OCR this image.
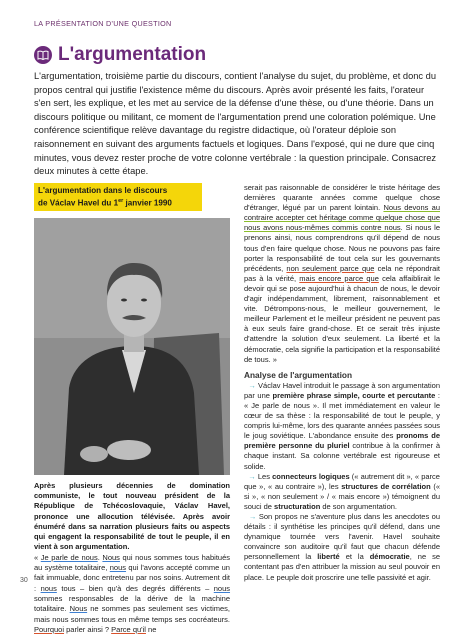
LA PRÉSENTATION D'UNE QUESTION
L'argumentation
L'argumentation, troisième partie du discours, contient l'analyse du sujet, du problème, et donc du propos central qui justifie l'existence même du discours. Après avoir présenté les faits, l'orateur s'en sert, les explique, et les met au service de la défense d'une thèse, ou d'une théorie. Dans un discours politique ou militant, ce moment de l'argumentation prend une coloration polémique. Une conférence scientifique relève davantage du registre didactique, où l'orateur déploie son raisonnement en suivant des arguments factuels et logiques. Dans l'exposé, qui ne dure que cinq minutes, vous devez rester proche de votre colonne vertébrale : la question principale. Consacrez deux minutes à cette étape.
L'argumentation dans le discours
de Václav Havel du 1er janvier 1990
Après plusieurs décennies de domination communiste, le tout nouveau président de la République de Tchécoslovaquie, Václav Havel, prononce une allocution télévisée. Après avoir énuméré dans sa narration plusieurs faits ou aspects qui engagent la responsabilité de tout le peuple, il en vient à son argumentation.
« Je parle de nous. Nous qui nous sommes tous habitués au système totalitaire, nous qui l'avons accepté comme un fait immuable, donc entretenu par nos soins. Autrement dit : nous tous – bien qu'à des degrés différents – nous sommes responsables de la dérive de la machine totalitaire. Nous ne sommes pas seulement ses victimes, mais nous sommes tous en même temps ses cocréateurs. Pourquoi parler ainsi ? Parce qu'il ne

serait pas raisonnable de considérer le triste héritage des dernières quarante années comme quelque chose d'étranger, légué par un parent lointain. Nous devons au contraire accepter cet héritage comme quelque chose que nous avons nous-mêmes commis contre nous. Si nous le prenons ainsi, nous comprendrons qu'il dépend de nous tous d'en faire quelque chose. Nous ne pouvons pas faire porter la responsabilité de tout cela sur les gouvernants précédents, non seulement parce que cela ne répondrait pas à la vérité, mais encore parce que cela affaiblirait le devoir qui se pose aujourd'hui à chacun de nous, le devoir d'agir indépendamment, librement, raisonnablement et vite. Détrompons-nous, le meilleur gouvernement, le meilleur Parlement et le meilleur président ne peuvent pas à eux seuls faire grand-chose. Et ce serait très injuste d'attendre la solution d'eux seulement. La liberté et la démocratie, cela signifie la participation et la responsabilité de tous. »

Analyse de l'argumentation

→ Václav Havel introduit le passage à son argumentation par une première phrase simple, courte et percutante : « Je parle de nous ». Il met immédiatement en valeur le cœur de sa thèse : la responsabilité de tout le peuple, y compris lui-même, lors des quarante années passées sous le joug soviétique. L'abondance ensuite des pronoms de première personne du pluriel contribue à la confirmer à chaque instant. Sa colonne vertébrale est rigoureuse et solide.

→ Les connecteurs logiques (« autrement dit », « parce que », « au contraire »), les structures de corrélation (« si », « non seulement » / « mais encore ») témoignent du souci de structuration de son argumentation.

→ Son propos ne s'aventure plus dans les anecdotes ou détails : il synthétise les principes qu'il défend, dans une dynamique tournée vers l'avenir. Havel souhaite convaincre son auditoire qu'il faut que chacun défende personnellement la liberté et la démocratie, ne se contentant pas d'en attribuer la mission au seul pouvoir en place. Le peuple doit proscrire une telle passivité et agir.

30
